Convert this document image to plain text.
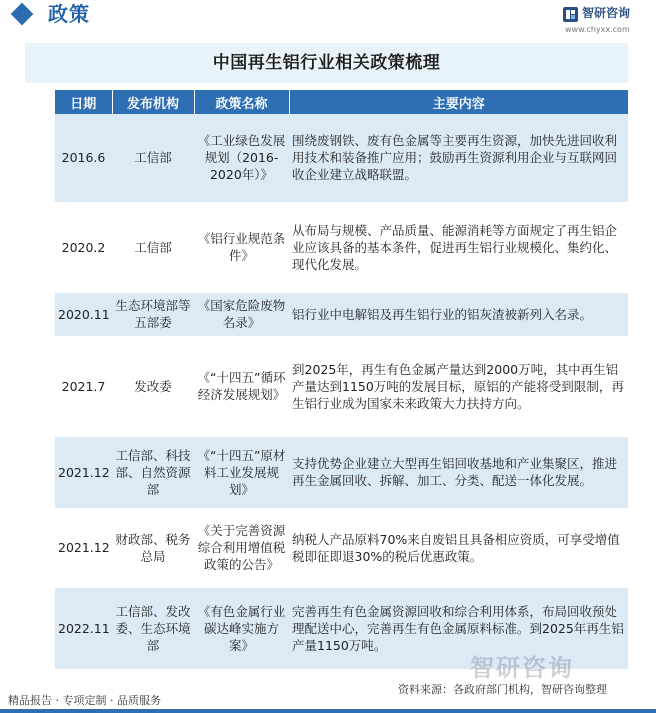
政策	智研咨询
www.chyxx.com
中国再生铝行业相关政策梳理
日期	发布机构	政策名称	主要内容
2016.6	工信部	《工业绿色发展规划（2016-2020年）》	围绕废钢铁、废有色金属等主要再生资源，加快先进回收利用技术和装备推广应用；鼓励再生资源利用企业与互联网回收企业建立战略联盟。
2020.2	工信部	《铝行业规范条件》	从布局与规模、产品质量、能源消耗等方面规定了再生铝企业应该具备的基本条件，促进再生铝行业规模化、集约化、现代化发展。
2020.11	生态环境部等五部委	《国家危险废物名录》	铝行业中电解铝及再生铝行业的铝灰渣被新列入名录。
2021.7	发改委	《“十四五”循环经济发展规划》	到2025年，再生有色金属产量达到2000万吨，其中再生铝产量达到1150万吨的发展目标，原铝的产能将受到限制，再生铝行业成为国家未来政策大力扶持方向。
2021.12	工信部、科技部、自然资源部	《“十四五”原材料工业发展规划》	支持优势企业建立大型再生铝回收基地和产业集聚区，推进再生金属回收、拆解、加工、分类、配送一体化发展。
2021.12	财政部、税务总局	《关于完善资源综合利用增值税政策的公告》	纳税人产品原料70%来自废铝且具备相应资质，可享受增值税即征即退30%的税后优惠政策。
2022.11	工信部、发改委、生态环境部	《有色金属行业碳达峰实施方案》	完善再生有色金属资源回收和综合利用体系，布局回收预处理配送中心，完善再生有色金属原料标准。到2025年再生铝产量1150万吨。
智研咨询
资料来源：各政府部门机构，智研咨询整理
精品报告 · 专项定制 · 品质服务
